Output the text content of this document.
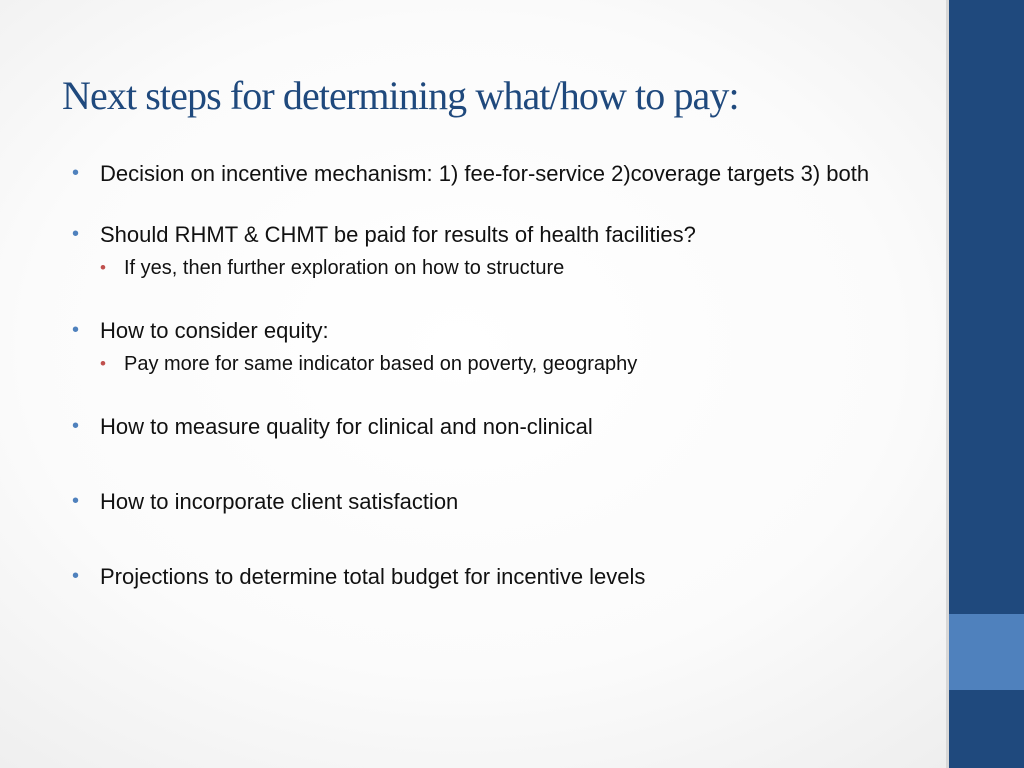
Next steps for determining what/how to pay:
• Decision on incentive mechanism: 1) fee-for-service 2)coverage targets 3) both
• Should RHMT & CHMT be paid for results of health facilities?
• If yes, then further exploration on how to structure
• How to consider equity:
• Pay more for same indicator based on poverty, geography
• How to measure quality for clinical and non-clinical
• How to incorporate client satisfaction
• Projections to determine total budget for incentive levels
